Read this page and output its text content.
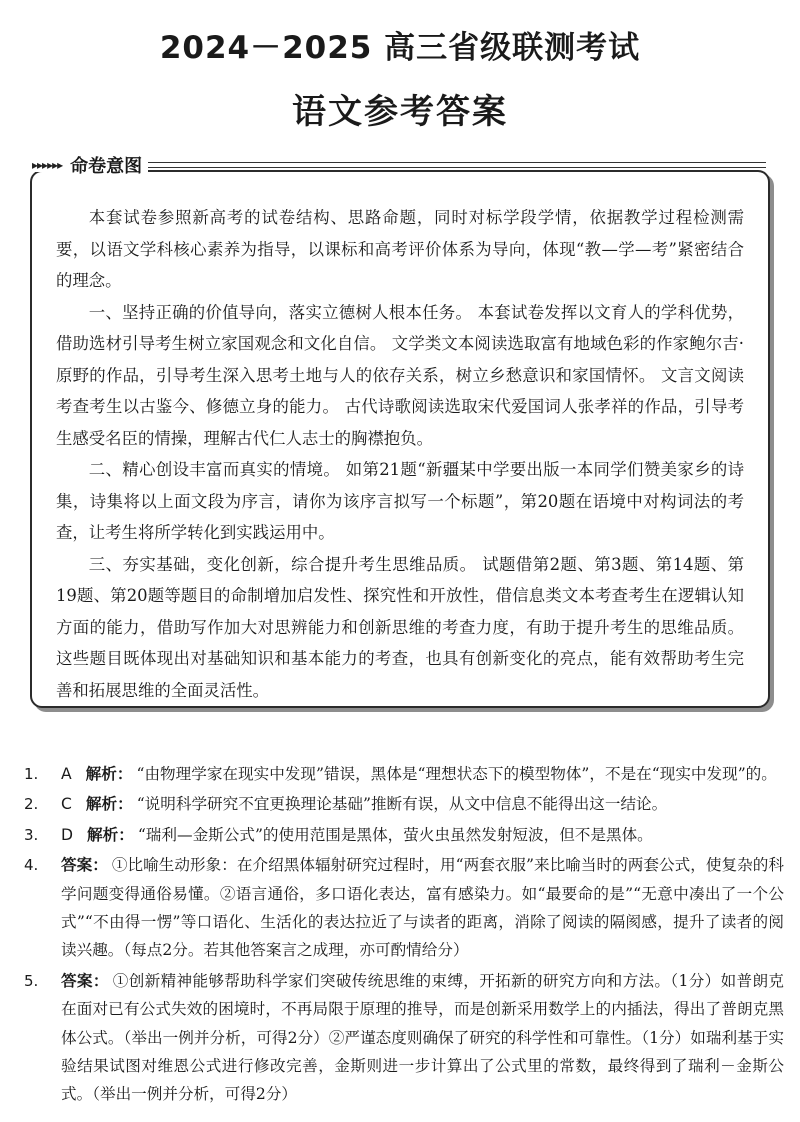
2024－2025 高三省级联测考试
语文参考答案
▸▸▸▸▸▸ 命卷意图

本套试卷参照新高考的试卷结构、思路命题，同时对标学段学情，依据教学过程检测需要，以语文学科核心素养为指导，以课标和高考评价体系为导向，体现“教—学—考”紧密结合的理念。

一、坚持正确的价值导向，落实立德树人根本任务。 本套试卷发挥以文育人的学科优势，借助选材引导考生树立家国观念和文化自信。 文学类文本阅读选取富有地域色彩的作家鲍尔吉·原野的作品，引导考生深入思考土地与人的依存关系，树立乡愁意识和家国情怀。 文言文阅读考查考生以古鉴今、修德立身的能力。 古代诗歌阅读选取宋代爱国词人张孝祥的作品，引导考生感受名臣的情操，理解古代仁人志士的胸襟抱负。

二、精心创设丰富而真实的情境。 如第21题“新疆某中学要出版一本同学们赞美家乡的诗集，诗集将以上面文段为序言，请你为该序言拟写一个标题”，第20题在语境中对构词法的考查，让考生将所学转化到实践运用中。

三、夯实基础，变化创新，综合提升考生思维品质。 试题借第2题、第3题、第14题、第19题、第20题等题目的命制增加启发性、探究性和开放性，借信息类文本考查考生在逻辑认知方面的能力，借助写作加大对思辨能力和创新思维的考查力度，有助于提升考生的思维品质。 这些题目既体现出对基础知识和基本能力的考查，也具有创新变化的亮点，能有效帮助考生完善和拓展思维的全面灵活性。

1.	A 解析： “由物理学家在现实中发现”错误，黑体是“理想状态下的模型物体”，不是在“现实中发现”的。
2.	C 解析： “说明科学研究不宜更换理论基础”推断有误，从文中信息不能得出这一结论。
3.	D 解析： “瑞利—金斯公式”的使用范围是黑体，萤火虫虽然发射短波，但不是黑体。
4.	答案： ①比喻生动形象：在介绍黑体辐射研究过程时，用“两套衣服”来比喻当时的两套公式，使复杂的科学问题变得通俗易懂。②语言通俗，多口语化表达，富有感染力。如“最要命的是”“无意中凑出了一个公式”“不由得一愣”等口语化、生活化的表达拉近了与读者的距离，消除了阅读的隔阂感，提升了读者的阅读兴趣。（每点2分。若其他答案言之成理，亦可酌情给分）
5.	答案： ①创新精神能够帮助科学家们突破传统思维的束缚，开拓新的研究方向和方法。（1分）如普朗克在面对已有公式失效的困境时，不再局限于原理的推导，而是创新采用数学上的内插法，得出了普朗克黑体公式。（举出一例并分析，可得2分）②严谨态度则确保了研究的科学性和可靠性。（1分）如瑞利基于实验结果试图对维恩公式进行修改完善，金斯则进一步计算出了公式里的常数，最终得到了瑞利－金斯公式。（举出一例并分析，可得2分）
